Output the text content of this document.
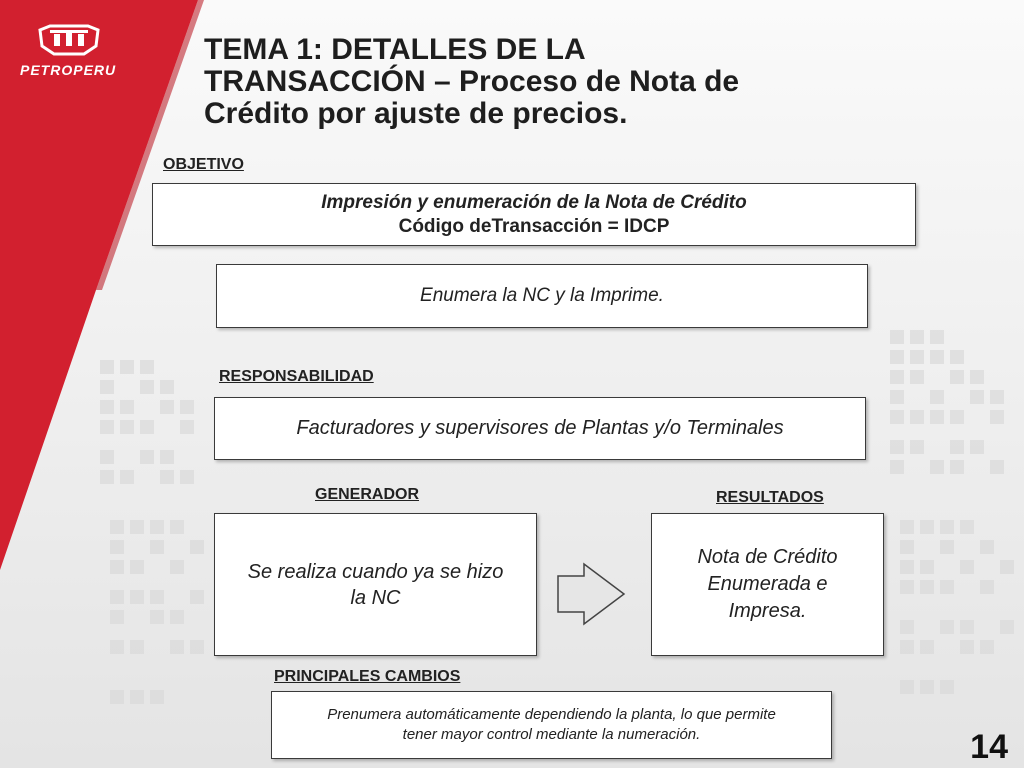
PETROPERU
TEMA 1: DETALLES DE LA
TRANSACCIÓN – Proceso de Nota de
Crédito por ajuste de precios.
OBJETIVO
Impresión y enumeración de la Nota de Crédito
Código deTransacción = IDCP
Enumera la NC y la Imprime.
RESPONSABILIDAD
Facturadores y supervisores de Plantas y/o Terminales
GENERADOR
Se realiza cuando ya se hizo
la NC
RESULTADOS
Nota de Crédito
Enumerada e
Impresa.
PRINCIPALES CAMBIOS
Prenumera automáticamente dependiendo la planta, lo que permite
tener mayor control mediante la numeración.	14
